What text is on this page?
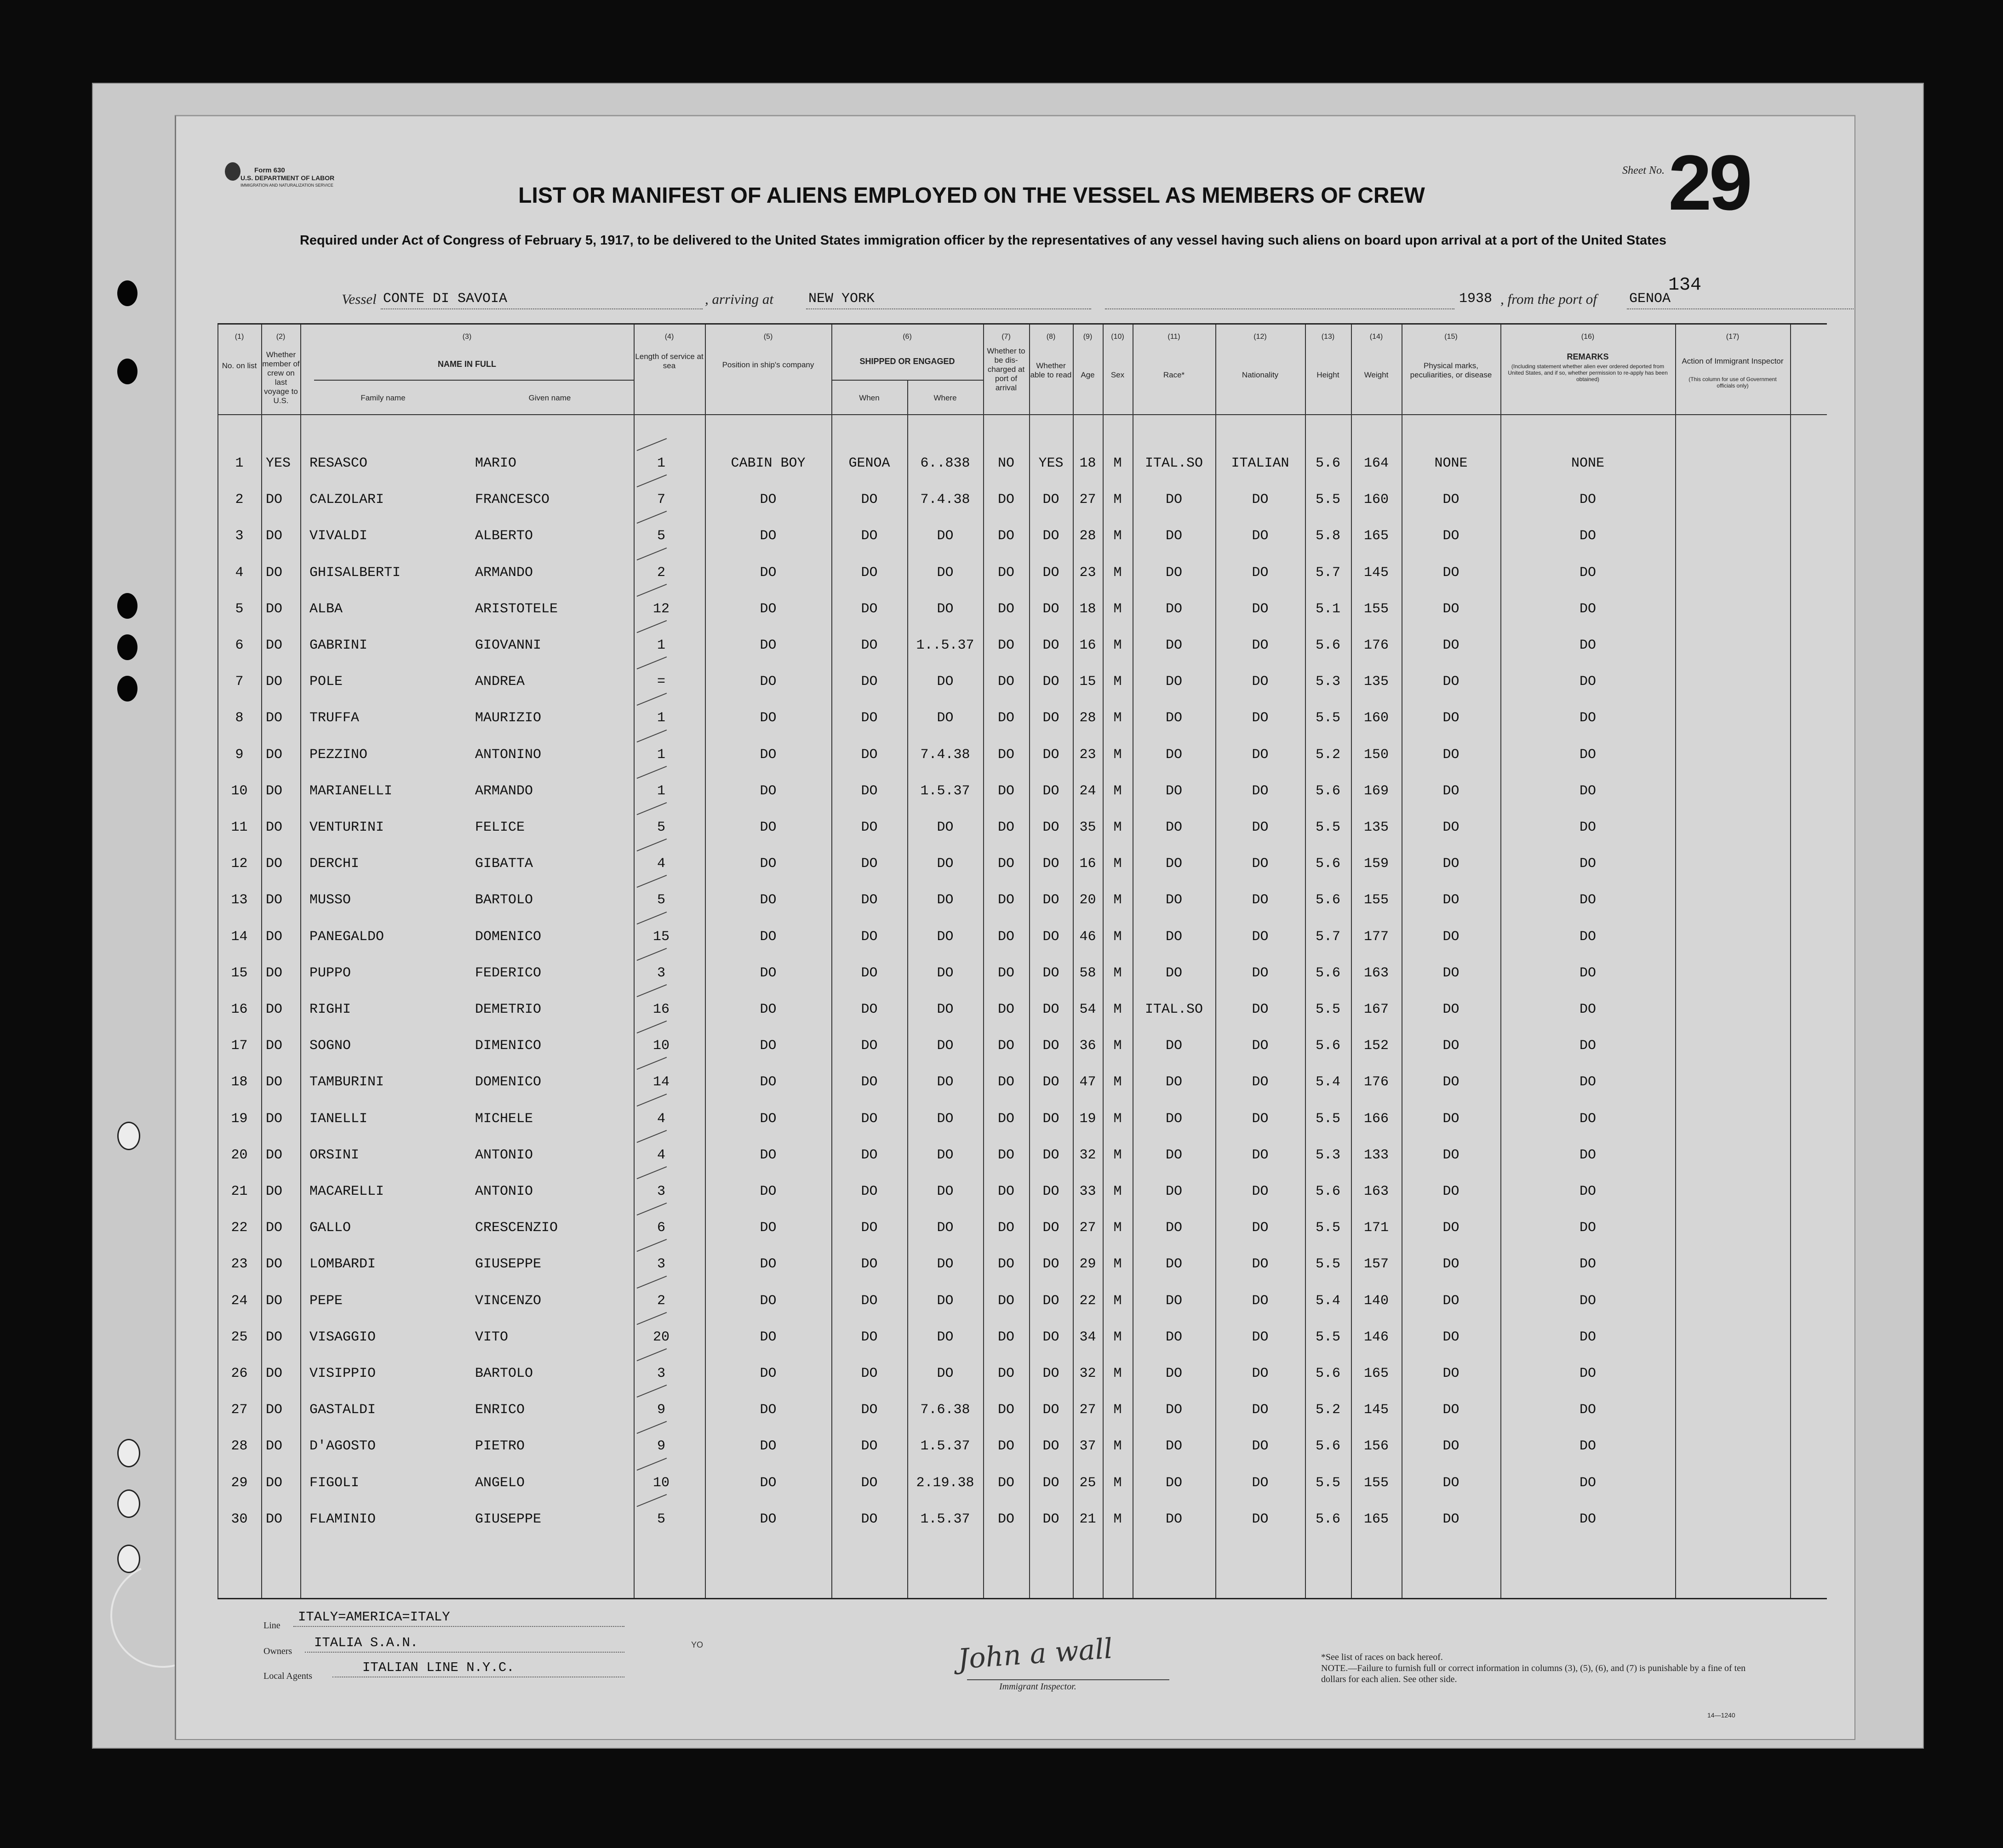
Form 630
U.S. DEPARTMENT OF LABOR
IMMIGRATION AND NATURALIZATION SERVICE
Sheet No. 29
LIST OR MANIFEST OF ALIENS EMPLOYED ON THE VESSEL AS MEMBERS OF CREW
Required under Act of Congress of February 5, 1917, to be delivered to the United States immigration officer by the representatives of any vessel having such aliens on board upon arrival at a port of the United States
134
Vessel CONTE DI SAVOIA	, arriving at	NEW YORK	1938 , from the port of GENOA
(1)	(2)	(3)	(4)	(5)	(6)	(7)	(8)	(9)	(10)	(11)	(12)	(13)	(14)	(15)	(16)	(17)
No. on list
Whether member of crew on last voyage to U.S.
NAME IN FULL
Family name	Given name
Length of service at sea	Position in ship's company	SHIPPED OR ENGAGED
When	Where
Whether to be dis-charged at port of arrival
Whether able to read	Age	Sex	Race*	Nationality	Height	Weight
Physical marks, peculiarities, or disease
REMARKS
(Including statement whether alien ever ordered deported from United States, and if so, whether permission to re-apply has been obtained)
Action of Immigrant Inspector
(This column for use of Government officials only)
1	YES	RESASCO	MARIO	1	CABIN BOY	GENOA	6..838	NO	YES	18	M	ITAL.SO	ITALIAN	5.6	164	NONE	NONE
2	DO	CALZOLARI	FRANCESCO	7	DO	DO	7.4.38	DO	DO	27	M	DO	DO	5.5	160	DO	DO
3	DO	VIVALDI	ALBERTO	5	DO	DO	DO	DO	DO	28	M	DO	DO	5.8	165	DO	DO
4	DO	GHISALBERTI	ARMANDO	2	DO	DO	DO	DO	DO	23	M	DO	DO	5.7	145	DO	DO
5	DO	ALBA	ARISTOTELE	12	DO	DO	DO	DO	DO	18	M	DO	DO	5.1	155	DO	DO
6	DO	GABRINI	GIOVANNI	1	DO	DO	1..5.37	DO	DO	16	M	DO	DO	5.6	176	DO	DO
7	DO	POLE	ANDREA	=	DO	DO	DO	DO	DO	15	M	DO	DO	5.3	135	DO	DO
8	DO	TRUFFA	MAURIZIO	1	DO	DO	DO	DO	DO	28	M	DO	DO	5.5	160	DO	DO
9	DO	PEZZINO	ANTONINO	1	DO	DO	7.4.38	DO	DO	23	M	DO	DO	5.2	150	DO	DO
10	DO	MARIANELLI	ARMANDO	1	DO	DO	1.5.37	DO	DO	24	M	DO	DO	5.6	169	DO	DO
11	DO	VENTURINI	FELICE	5	DO	DO	DO	DO	DO	35	M	DO	DO	5.5	135	DO	DO
12	DO	DERCHI	GIBATTA	4	DO	DO	DO	DO	DO	16	M	DO	DO	5.6	159	DO	DO
13	DO	MUSSO	BARTOLO	5	DO	DO	DO	DO	DO	20	M	DO	DO	5.6	155	DO	DO
14	DO	PANEGALDO	DOMENICO	15	DO	DO	DO	DO	DO	46	M	DO	DO	5.7	177	DO	DO
15	DO	PUPPO	FEDERICO	3	DO	DO	DO	DO	DO	58	M	DO	DO	5.6	163	DO	DO
16	DO	RIGHI	DEMETRIO	16	DO	DO	DO	DO	DO	54	M	ITAL.SO	DO	5.5	167	DO	DO
17	DO	SOGNO	DIMENICO	10	DO	DO	DO	DO	DO	36	M	DO	DO	5.6	152	DO	DO
18	DO	TAMBURINI	DOMENICO	14	DO	DO	DO	DO	DO	47	M	DO	DO	5.4	176	DO	DO
19	DO	IANELLI	MICHELE	4	DO	DO	DO	DO	DO	19	M	DO	DO	5.5	166	DO	DO
20	DO	ORSINI	ANTONIO	4	DO	DO	DO	DO	DO	32	M	DO	DO	5.3	133	DO	DO
21	DO	MACARELLI	ANTONIO	3	DO	DO	DO	DO	DO	33	M	DO	DO	5.6	163	DO	DO
22	DO	GALLO	CRESCENZIO	6	DO	DO	DO	DO	DO	27	M	DO	DO	5.5	171	DO	DO
23	DO	LOMBARDI	GIUSEPPE	3	DO	DO	DO	DO	DO	29	M	DO	DO	5.5	157	DO	DO
24	DO	PEPE	VINCENZO	2	DO	DO	DO	DO	DO	22	M	DO	DO	5.4	140	DO	DO
25	DO	VISAGGIO	VITO	20	DO	DO	DO	DO	DO	34	M	DO	DO	5.5	146	DO	DO
26	DO	VISIPPIO	BARTOLO	3	DO	DO	DO	DO	DO	32	M	DO	DO	5.6	165	DO	DO
27	DO	GASTALDI	ENRICO	9	DO	DO	7.6.38	DO	DO	27	M	DO	DO	5.2	145	DO	DO
28	DO	D'AGOSTO	PIETRO	9	DO	DO	1.5.37	DO	DO	37	M	DO	DO	5.6	156	DO	DO
29	DO	FIGOLI	ANGELO	10	DO	DO	2.19.38	DO	DO	25	M	DO	DO	5.5	155	DO	DO
30	DO	FLAMINIO	GIUSEPPE	5	DO	DO	1.5.37	DO	DO	21	M	DO	DO	5.6	165	DO	DO
Line
ITALY=AMERICA=ITALY
Owners
ITALIA S.A.N.
Local Agents
ITALIAN LINE N.Y.C.
YO	John a wall
Immigrant Inspector.
*See list of races on back hereof.
NOTE.—Failure to furnish full or correct information in columns (3), (5), (6), and (7) is punishable by a fine of ten dollars for each alien. See other side.
14—1240
